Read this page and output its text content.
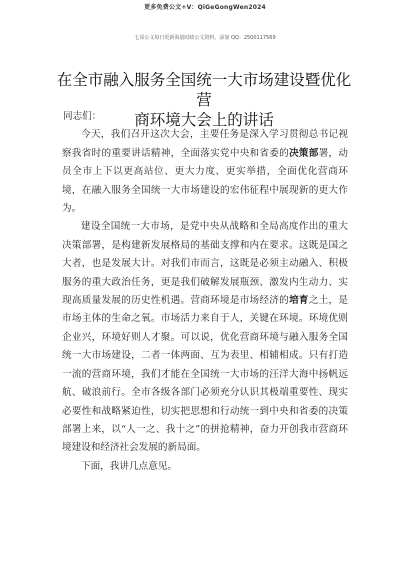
更多免费公文+V：QiGeGongWen2024
七哥公文每日更新海量时政公文资料，添加 QQ：2500117569
在全市融入服务全国统一大市场建设暨优化营
商环境大会上的讲话

同志们：

今天，我们召开这次大会，主要任务是深入学习贯彻总书记视察我省时的重要讲话精神，全面落实党中央和省委的决策部署，动员全市上下以更高站位、更大力度、更实举措，全面优化营商环境，在融入服务全国统一大市场建设的宏伟征程中展现新的更大作为。

建设全国统一大市场，是党中央从战略和全局高度作出的重大决策部署，是构建新发展格局的基础支撑和内在要求。这既是国之大者，也是发展大计。对我们市而言，这既是必须主动融入、积极服务的重大政治任务，更是我们破解发展瓶颈、激发内生动力、实现高质量发展的历史性机遇。营商环境是市场经济的培育之土，是市场主体的生命之氧。市场活力来自于人，关键在环境。环境优则企业兴，环境好则人才聚。可以说，优化营商环境与融入服务全国统一大市场建设，二者一体两面、互为表里、相辅相成。只有打造一流的营商环境，我们才能在全国统一大市场的汪洋大海中扬帆远航、破浪前行。全市各级各部门必须充分认识其极端重要性、现实必要性和战略紧迫性，切实把思想和行动统一到中央和省委的决策部署上来，以“人一之、我十之”的拼抢精神，奋力开创我市营商环境建设和经济社会发展的新局面。

下面，我讲几点意见。
